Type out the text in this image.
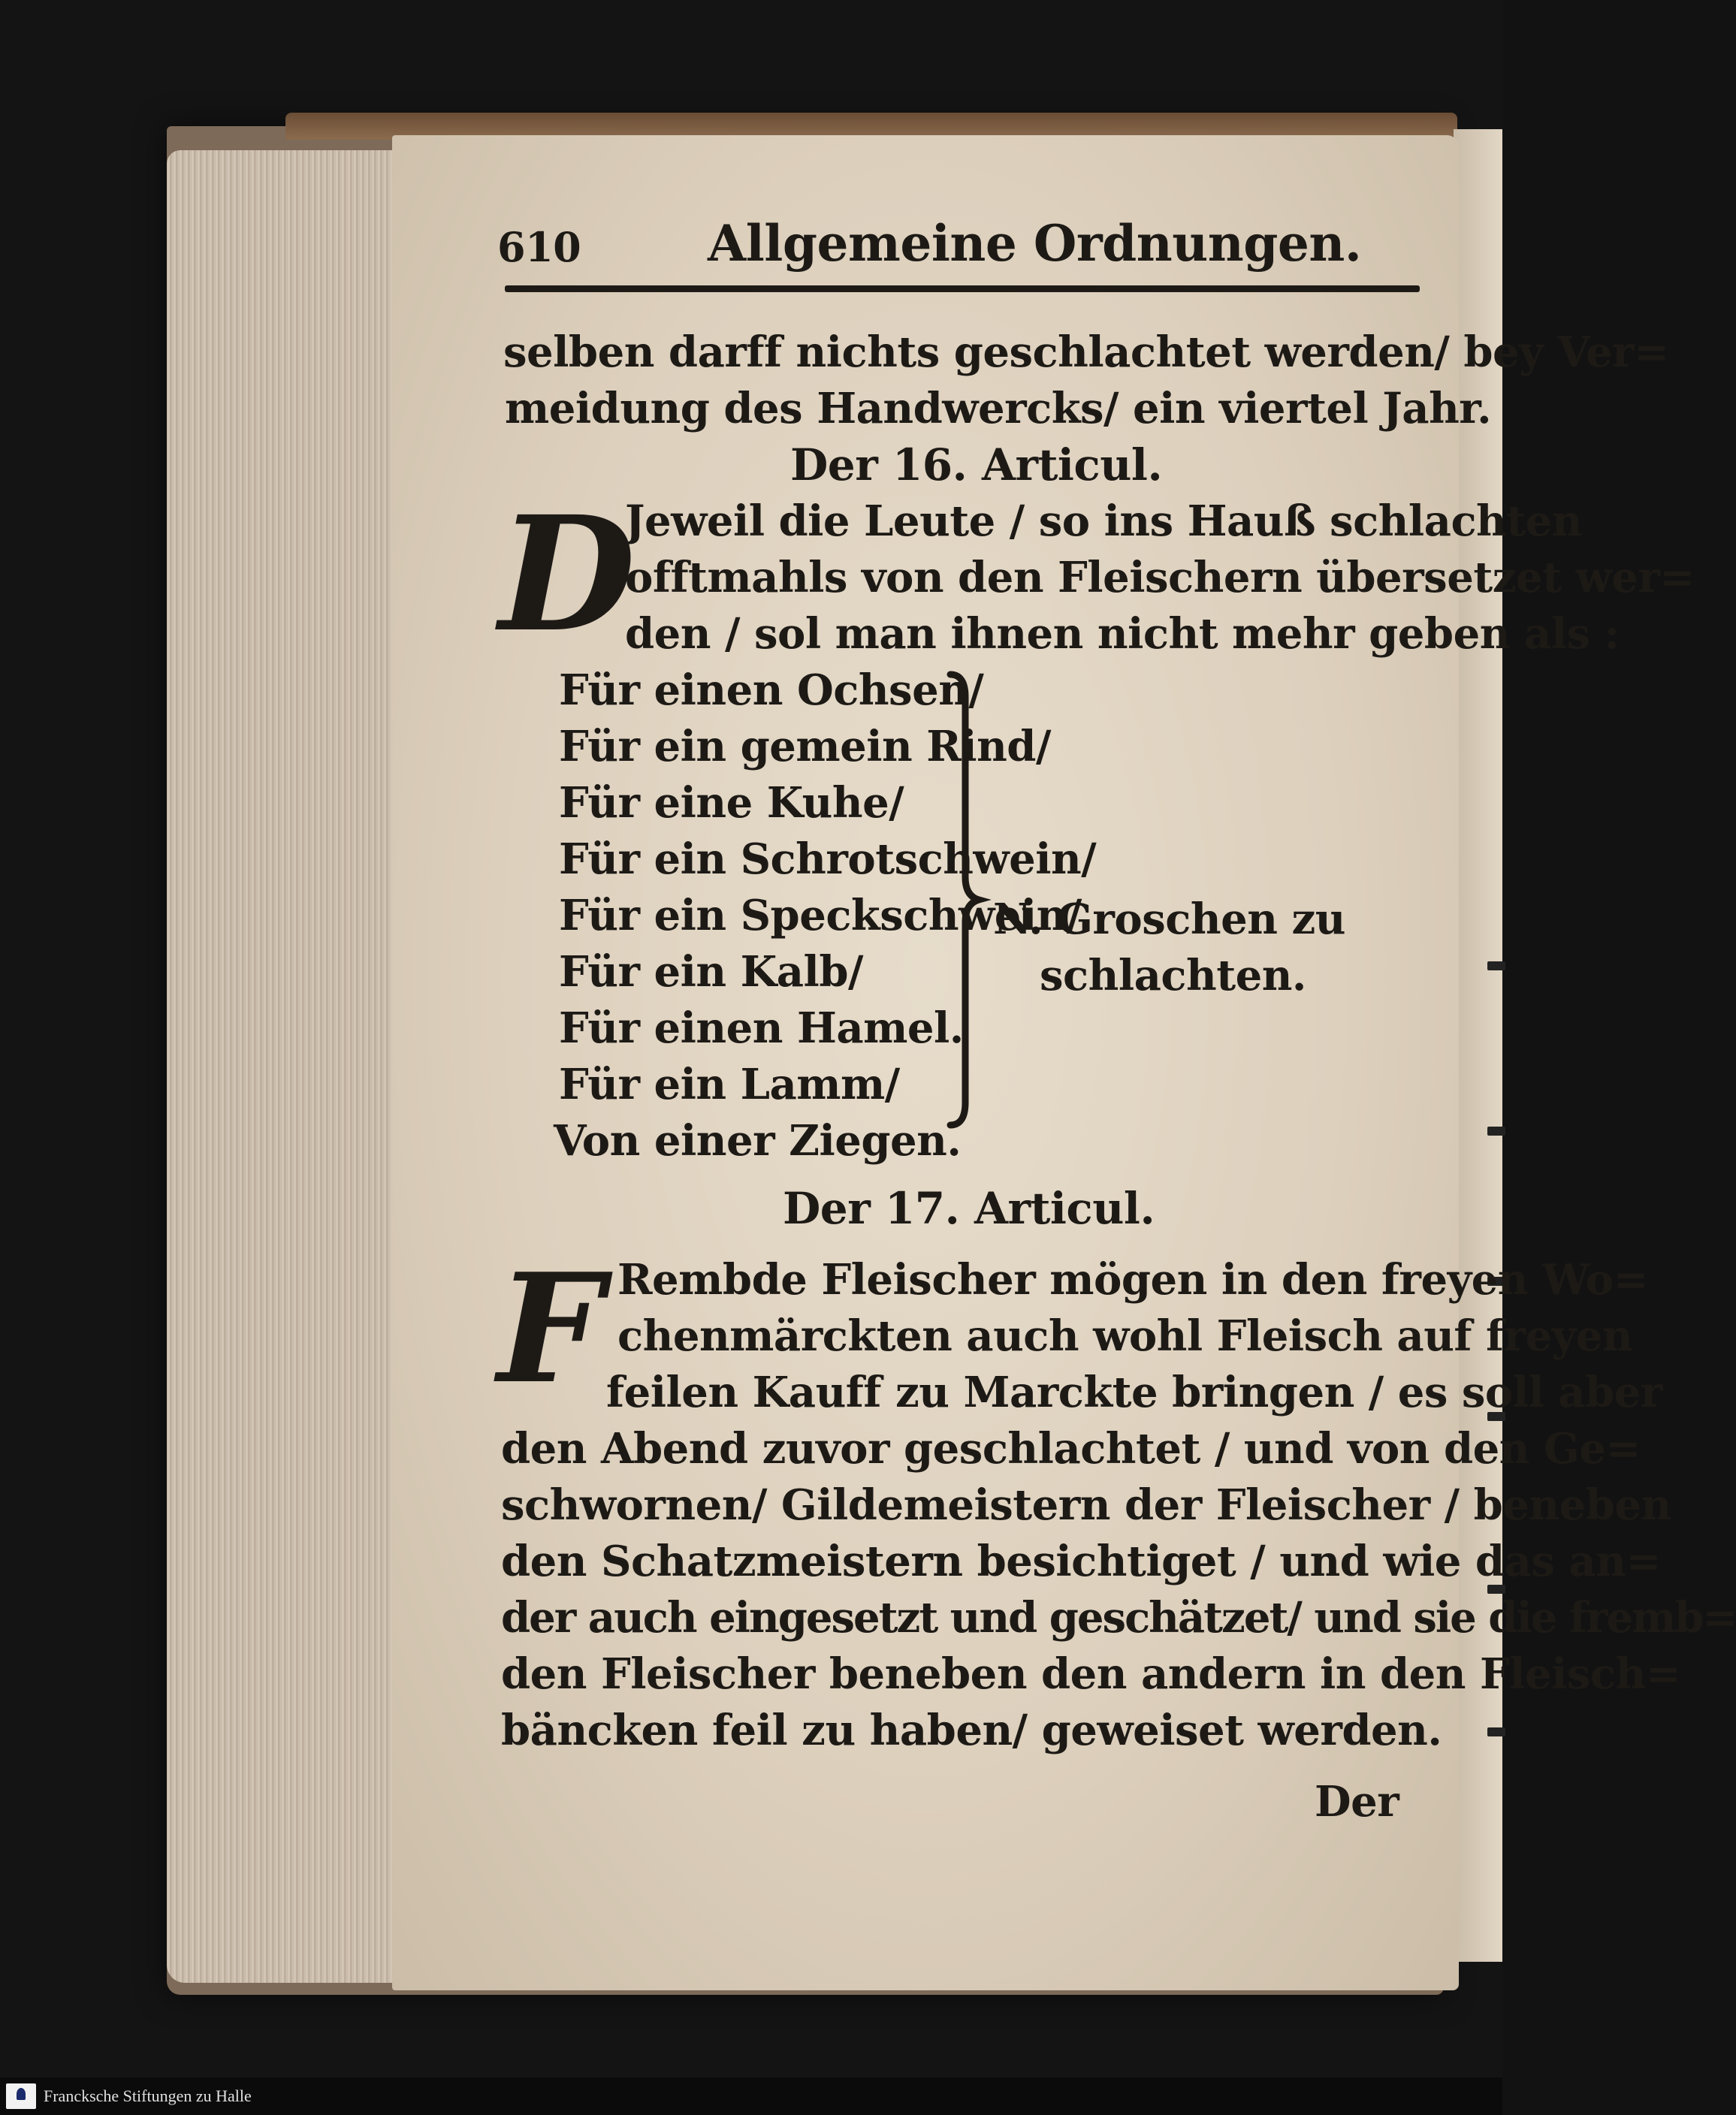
610	Allgemeine Ordnungen.
selben darff nichts geschlachtet werden/ bey Ver=
meidung des Handwercks/ ein viertel Jahr.
Der 16. Articul.
D
Jeweil die Leute / so ins Hauß schlachten
offtmahls von den Fleischern übersetzet wer=
den / sol man ihnen nicht mehr geben als :
Für einen Ochsen/
Für ein gemein Rind/
Für eine Kuhe/
Für ein Schrotschwein/
Für ein Speckschwein/
Für ein Kalb/
Für einen Hamel.
Für ein Lamm/
Von einer Ziegen.
N. Groschen zu
schlachten.
Der 17. Articul.
F Rembde Fleischer mögen in den freyen Wo=
chenmärckten auch wohl Fleisch auf freyen
feilen Kauff zu Marckte bringen / es soll aber
den Abend zuvor geschlachtet / und von den Ge=
schwornen/ Gildemeistern der Fleischer / beneben
den Schatzmeistern besichtiget / und wie das an=
der auch eingesetzt und geschätzet/ und sie die fremb=
den Fleischer beneben den andern in den Fleisch=
bäncken feil zu haben/ geweiset werden.
Der
Francksche Stiftungen zu Halle
